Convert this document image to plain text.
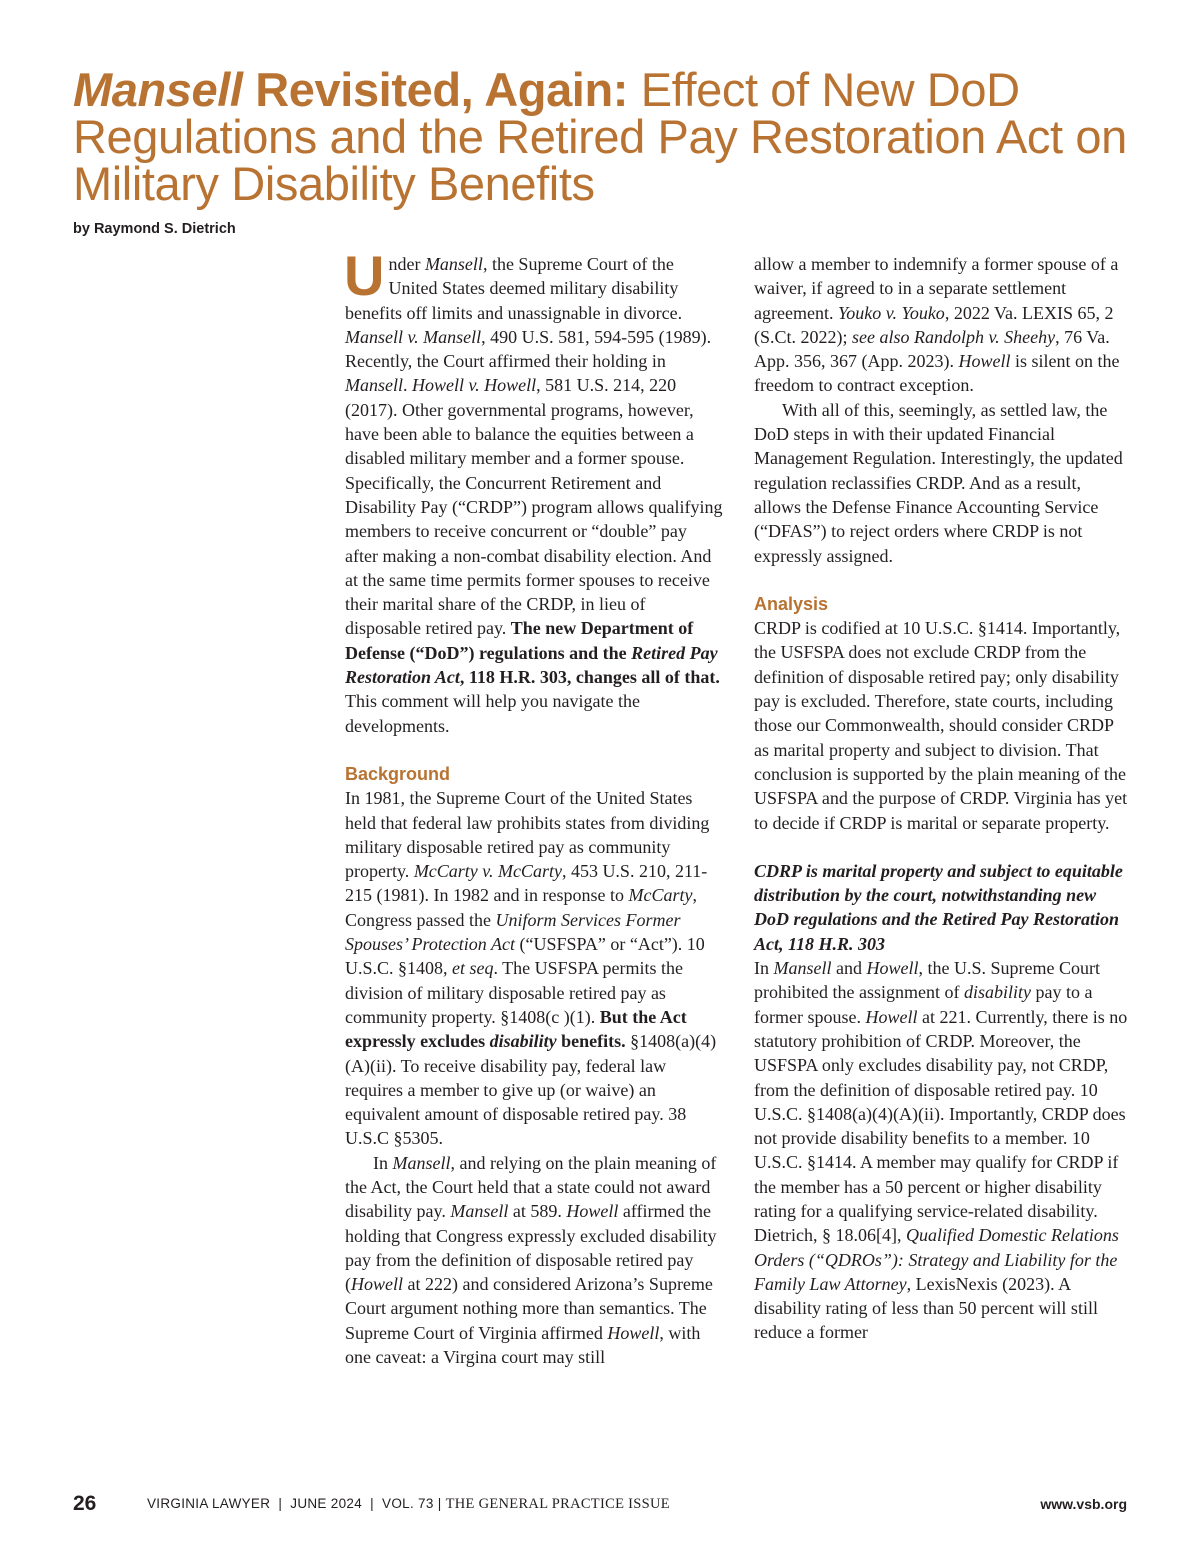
Mansell Revisited, Again: Effect of New DoD
Regulations and the Retired Pay Restoration Act on
Military Disability Benefits
by Raymond S. Dietrich

Under Mansell, the Supreme Court of the United States deemed military disability benefits off limits and unassignable in divorce. Mansell v. Mansell, 490 U.S. 581, 594-595 (1989). Recently, the Court affirmed their holding in Mansell. Howell v. Howell, 581 U.S. 214, 220 (2017). Other governmental programs, however, have been able to balance the equities between a disabled military member and a former spouse. Specifically, the Concurrent Retirement and Disability Pay (“CRDP”) program allows qualifying members to receive concurrent or “double” pay after making a non-combat disability election. And at the same time permits former spouses to receive their marital share of the CRDP, in lieu of disposable retired pay. The new Department of Defense (“DoD”) regulations and the Retired Pay Restoration Act, 118 H.R. 303, changes all of that. This comment will help you navigate the developments.

Background

In 1981, the Supreme Court of the United States held that federal law prohibits states from dividing military disposable retired pay as community property. McCarty v. McCarty, 453 U.S. 210, 211-215 (1981). In 1982 and in response to McCarty, Congress passed the Uniform Services Former Spouses’ Protection Act (“USFSPA” or “Act”). 10 U.S.C. §1408, et seq. The USFSPA permits the division of military disposable retired pay as community property. §1408(c )(1). But the Act expressly excludes disability benefits. §1408(a)(4)(A)(ii). To receive disability pay, federal law requires a member to give up (or waive) an equivalent amount of disposable retired pay. 38 U.S.C §5305.

In Mansell, and relying on the plain meaning of the Act, the Court held that a state could not award disability pay. Mansell at 589. Howell affirmed the holding that Congress expressly excluded disability pay from the definition of disposable retired pay (Howell at 222) and considered Arizona’s Supreme Court argument nothing more than semantics. The Supreme Court of Virginia affirmed Howell, with one caveat: a Virgina court may still

allow a member to indemnify a former spouse of a waiver, if agreed to in a separate settlement agreement. Youko v. Youko, 2022 Va. LEXIS 65, 2 (S.Ct. 2022); see also Randolph v. Sheehy, 76 Va. App. 356, 367 (App. 2023). Howell is silent on the freedom to contract exception.

With all of this, seemingly, as settled law, the DoD steps in with their updated Financial Management Regulation. Interestingly, the updated regulation reclassifies CRDP. And as a result, allows the Defense Finance Accounting Service (“DFAS”) to reject orders where CRDP is not expressly assigned.

Analysis

CRDP is codified at 10 U.S.C. §1414. Importantly, the USFSPA does not exclude CRDP from the definition of disposable retired pay; only disability pay is excluded. Therefore, state courts, including those our Commonwealth, should consider CRDP as marital property and subject to division. That conclusion is supported by the plain meaning of the USFSPA and the purpose of CRDP. Virginia has yet to decide if CRDP is marital or separate property.

CDRP is marital property and subject to equitable distribution by the court, notwithstanding new DoD regulations and the Retired Pay Restoration Act, 118 H.R. 303

In Mansell and Howell, the U.S. Supreme Court prohibited the assignment of disability pay to a former spouse. Howell at 221. Currently, there is no statutory prohibition of CRDP. Moreover, the USFSPA only excludes disability pay, not CRDP, from the definition of disposable retired pay. 10 U.S.C. §1408(a)(4)(A)(ii). Importantly, CRDP does not provide disability benefits to a member. 10 U.S.C. §1414. A member may qualify for CRDP if the member has a 50 percent or higher disability rating for a qualifying service-related disability. Dietrich, § 18.06[4], Qualified Domestic Relations Orders (“QDROs”): Strategy and Liability for the Family Law Attorney, LexisNexis (2023). A disability rating of less than 50 percent will still reduce a former

26	VIRGINIA LAWYER  |  JUNE 2024  |  VOL. 73 | THE GENERAL PRACTICE ISSUE	www.vsb.org
